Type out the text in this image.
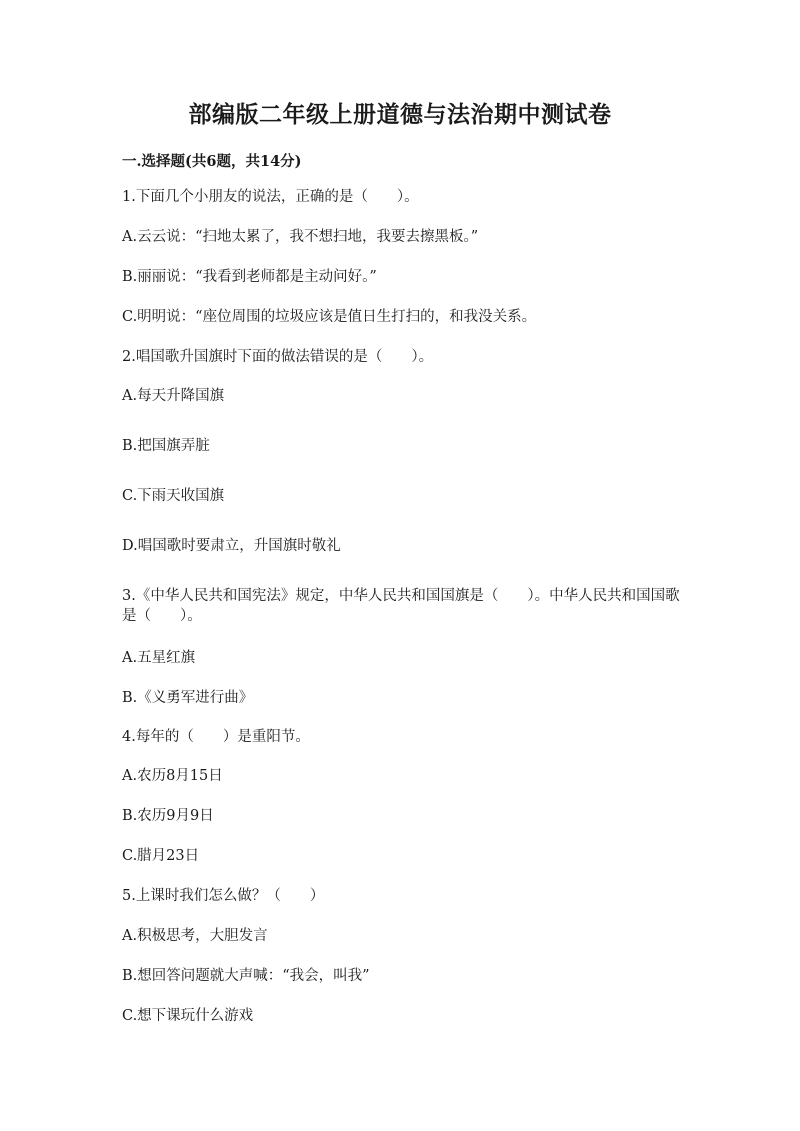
部编版二年级上册道德与法治期中测试卷
一.选择题(共6题，共14分)
1.下面几个小朋友的说法，正确的是（　　）。
A.云云说：“扫地太累了，我不想扫地，我要去擦黑板。”
B.丽丽说：“我看到老师都是主动问好。”
C.明明说：“座位周围的垃圾应该是值日生打扫的，和我没关系。
2.唱国歌升国旗时下面的做法错误的是（　　）。
A.每天升降国旗
B.把国旗弄脏
C.下雨天收国旗
D.唱国歌时要肃立，升国旗时敬礼
3.《中华人民共和国宪法》规定，中华人民共和国国旗是（　　）。中华人民共和国国歌是（　　）。
A.五星红旗
B.《义勇军进行曲》
4.每年的（　　）是重阳节。
A.农历8月15日
B.农历9月9日
C.腊月23日
5.上课时我们怎么做？（　　）
A.积极思考，大胆发言
B.想回答问题就大声喊：“我会，叫我”
C.想下课玩什么游戏
